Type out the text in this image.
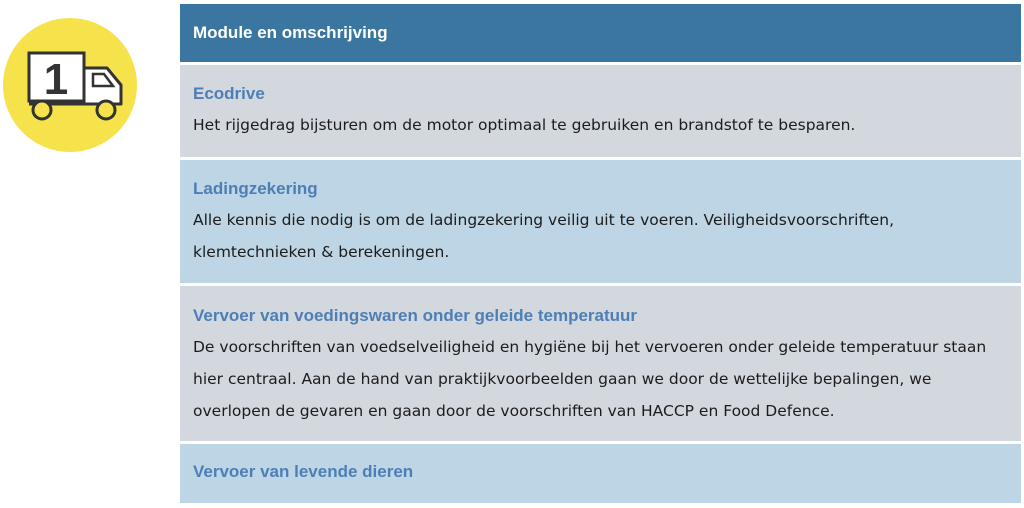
1
Module en omschrijving
Ecodrive
Het rijgedrag bijsturen om de motor optimaal te gebruiken en brandstof te besparen.
Ladingzekering
Alle kennis die nodig is om de ladingzekering veilig uit te voeren. Veiligheidsvoorschriften, klemtechnieken & berekeningen.
Vervoer van voedingswaren onder geleide temperatuur
De voorschriften van voedselveiligheid en hygiëne bij het vervoeren onder geleide temperatuur staan hier centraal. Aan de hand van praktijkvoorbeelden gaan we door de wettelijke bepalingen, we overlopen de gevaren en gaan door de voorschriften van HACCP en Food Defence.
Vervoer van levende dieren
